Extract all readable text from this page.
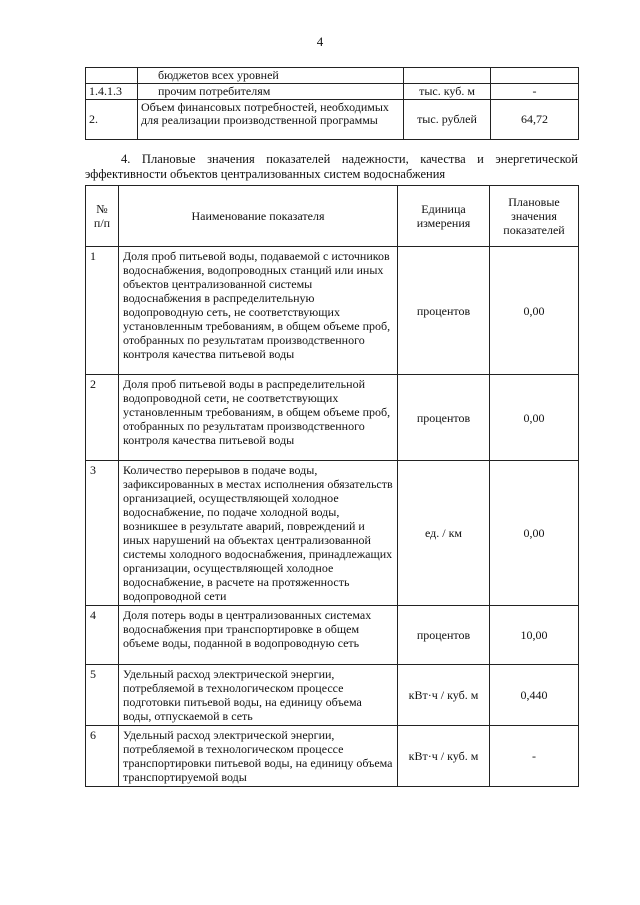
4
	бюджетов всех уровней		
1.4.1.3	прочим потребителям	тыс. куб. м	-
2.	Объем финансовых потребностей, необходимых для реализации производственной программы	тыс. рублей	64,72
4. Плановые значения показателей надежности, качества и энергетической
эффективности объектов централизованных систем водоснабжения
№ п/п	Наименование показателя	Единица измерения	Плановые значения показателей
1	Доля проб питьевой воды, подаваемой с источников водоснабжения, водопроводных станций или иных объектов централизованной системы водоснабжения в распределительную водопроводную сеть, не соответствующих установленным требованиям, в общем объеме проб, отобранных по результатам производственного контроля качества питьевой воды	процентов	0,00
2	Доля проб питьевой воды в распределительной водопроводной сети, не соответствующих установленным требованиям, в общем объеме проб, отобранных по результатам производственного контроля качества питьевой воды	процентов	0,00
3	Количество перерывов в подаче воды, зафиксированных в местах исполнения обязательств организацией, осуществляющей холодное водоснабжение, по подаче холодной воды, возникшее в результате аварий, повреждений и иных нарушений на объектах централизованной системы холодного водоснабжения, принадлежащих организации, осуществляющей холодное водоснабжение, в расчете на протяженность водопроводной сети	ед. / км	0,00
4	Доля потерь воды в централизованных системах водоснабжения при транспортировке в общем объеме воды, поданной в водопроводную сеть	процентов	10,00
5	Удельный расход электрической энергии, потребляемой в технологическом процессе подготовки питьевой воды, на единицу объема воды, отпускаемой в сеть	кВт·ч / куб. м	0,440
6	Удельный расход электрической энергии, потребляемой в технологическом процессе транспортировки питьевой воды, на единицу объема транспортируемой воды	кВт·ч / куб. м	-
